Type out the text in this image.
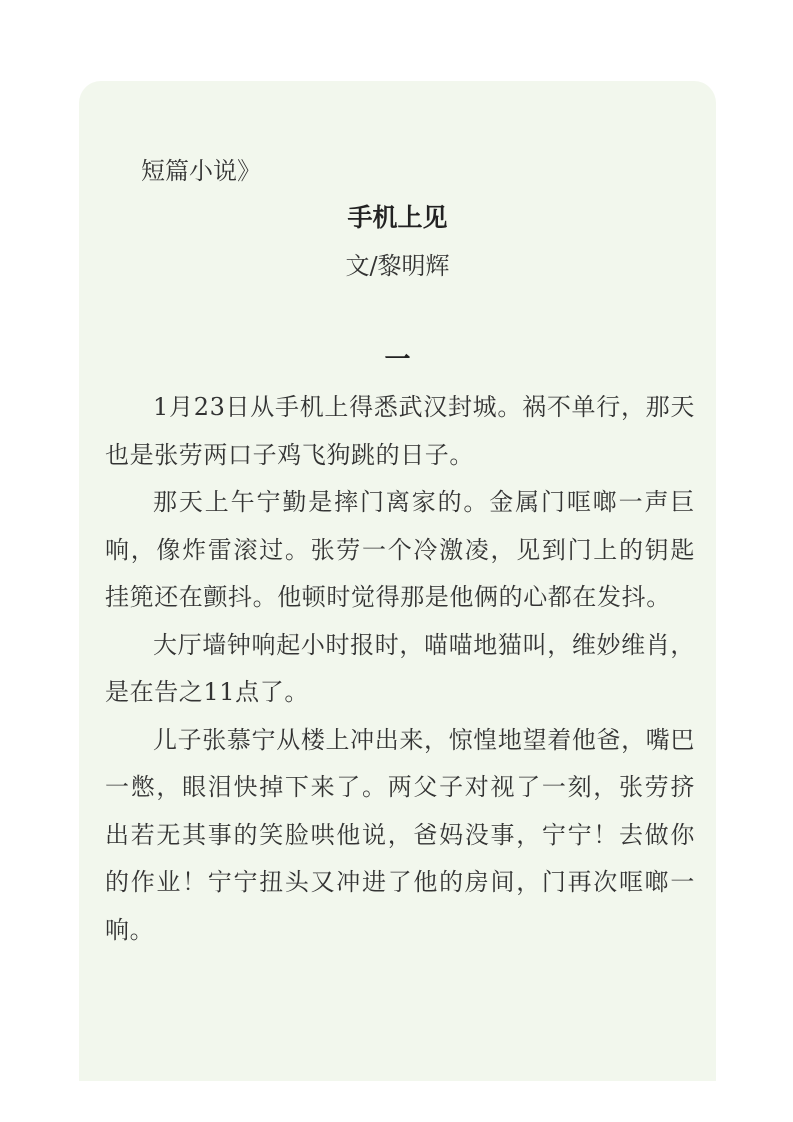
短篇小说》
手机上见
文/黎明辉
一

1月23日从手机上得悉武汉封城。祸不单行，那天也是张劳两口子鸡飞狗跳的日子。

那天上午宁勤是摔门离家的。金属门哐啷一声巨响，像炸雷滚过。张劳一个冷激凌，见到门上的钥匙挂篼还在颤抖。他顿时觉得那是他俩的心都在发抖。

大厅墙钟响起小时报时，喵喵地猫叫，维妙维肖，是在告之11点了。

儿子张慕宁从楼上冲出来，惊惶地望着他爸，嘴巴一憋，眼泪快掉下来了。两父子对视了一刻，张劳挤出若无其事的笑脸哄他说，爸妈没事，宁宁！去做你的作业！宁宁扭头又冲进了他的房间，门再次哐啷一响。
